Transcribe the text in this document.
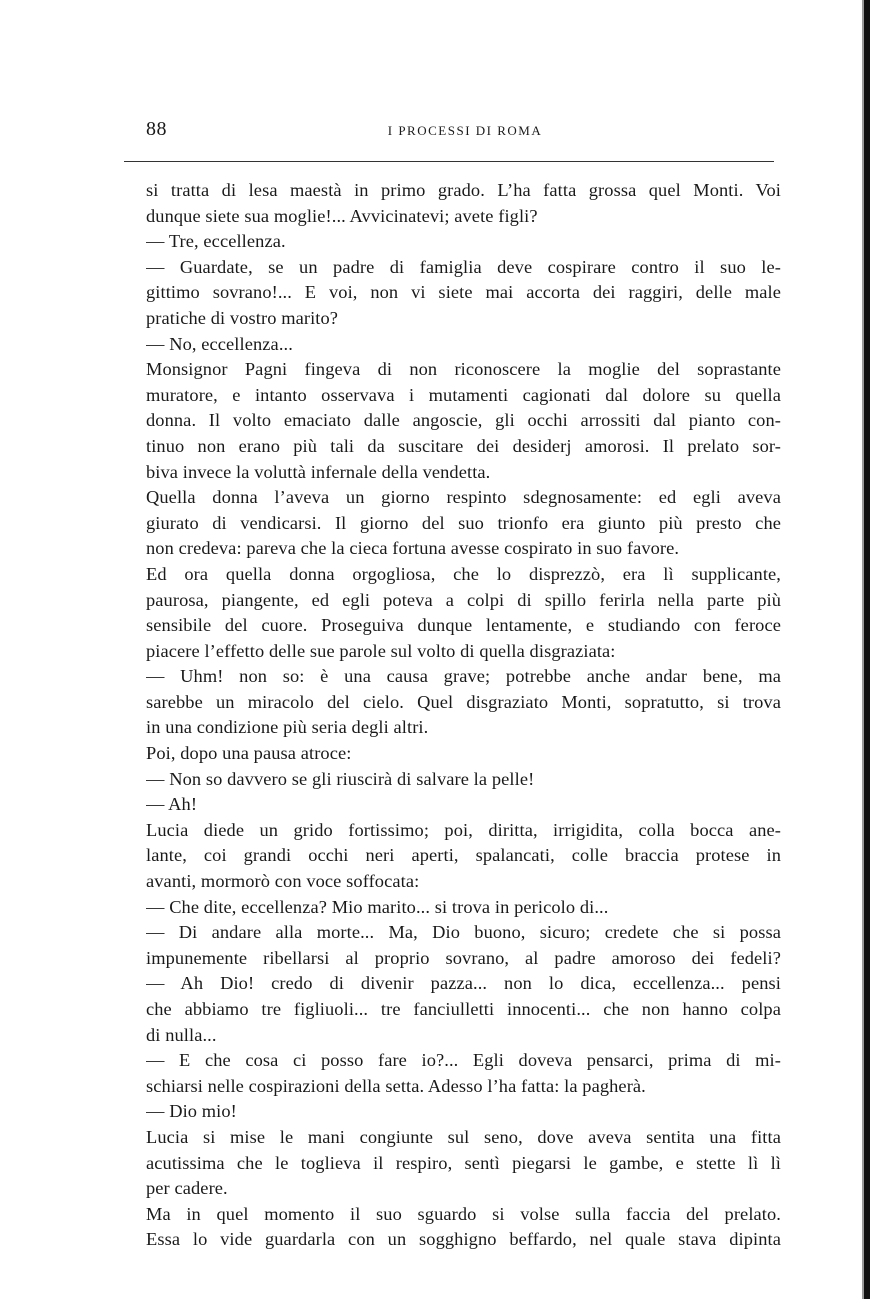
88	I PROCESSI DI ROMA
si tratta di lesa maestà in primo grado. L’ha fatta grossa quel Monti. Voi
dunque siete sua moglie!... Avvicinatevi; avete figli?
— Tre, eccellenza.
— Guardate, se un padre di famiglia deve cospirare contro il suo le-
gittimo sovrano!... E voi, non vi siete mai accorta dei raggiri, delle male
pratiche di vostro marito?
— No, eccellenza...
Monsignor Pagni fingeva di non riconoscere la moglie del soprastante
muratore, e intanto osservava i mutamenti cagionati dal dolore su quella
donna. Il volto emaciato dalle angoscie, gli occhi arrossiti dal pianto con-
tinuo non erano più tali da suscitare dei desiderj amorosi. Il prelato sor-
biva invece la voluttà infernale della vendetta.
Quella donna l’aveva un giorno respinto sdegnosamente: ed egli aveva
giurato di vendicarsi. Il giorno del suo trionfo era giunto più presto che
non credeva: pareva che la cieca fortuna avesse cospirato in suo favore.
Ed ora quella donna orgogliosa, che lo disprezzò, era lì supplicante,
paurosa, piangente, ed egli poteva a colpi di spillo ferirla nella parte più
sensibile del cuore. Proseguiva dunque lentamente, e studiando con feroce
piacere l’effetto delle sue parole sul volto di quella disgraziata:
— Uhm! non so: è una causa grave; potrebbe anche andar bene, ma
sarebbe un miracolo del cielo. Quel disgraziato Monti, sopratutto, si trova
in una condizione più seria degli altri.
Poi, dopo una pausa atroce:
— Non so davvero se gli riuscirà di salvare la pelle!
— Ah!
Lucia diede un grido fortissimo; poi, diritta, irrigidita, colla bocca ane-
lante, coi grandi occhi neri aperti, spalancati, colle braccia protese in
avanti, mormorò con voce soffocata:
— Che dite, eccellenza? Mio marito... si trova in pericolo di...
— Di andare alla morte... Ma, Dio buono, sicuro; credete che si possa
impunemente ribellarsi al proprio sovrano, al padre amoroso dei fedeli?
— Ah Dio! credo di divenir pazza... non lo dica, eccellenza... pensi
che abbiamo tre figliuoli... tre fanciulletti innocenti... che non hanno colpa
di nulla...
— E che cosa ci posso fare io?... Egli doveva pensarci, prima di mi-
schiarsi nelle cospirazioni della setta. Adesso l’ha fatta: la pagherà.
— Dio mio!
Lucia si mise le mani congiunte sul seno, dove aveva sentita una fitta
acutissima che le toglieva il respiro, sentì piegarsi le gambe, e stette lì lì
per cadere.
Ma in quel momento il suo sguardo si volse sulla faccia del prelato.
Essa lo vide guardarla con un sogghigno beffardo, nel quale stava dipinta
